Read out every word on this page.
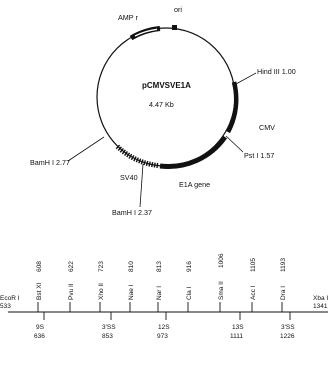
pCMVSVE1A
4.47 Kb
ori
AMP r
Hind III 1.00
CMV
Pst I 1.57
E1A gene
BamH I 2.37
SV40
BamH I 2.77
EcoR I
533
Xba I
1341
Bst XI
608
Pvu II
622
Xho II
723
Nae I
810
Nar I
813
Cla I
916
Sma II
1006
Acc I
1105
Dra I
1193
9S
636
3'SS
853
12S
973
13S
1111
3'SS
1226
